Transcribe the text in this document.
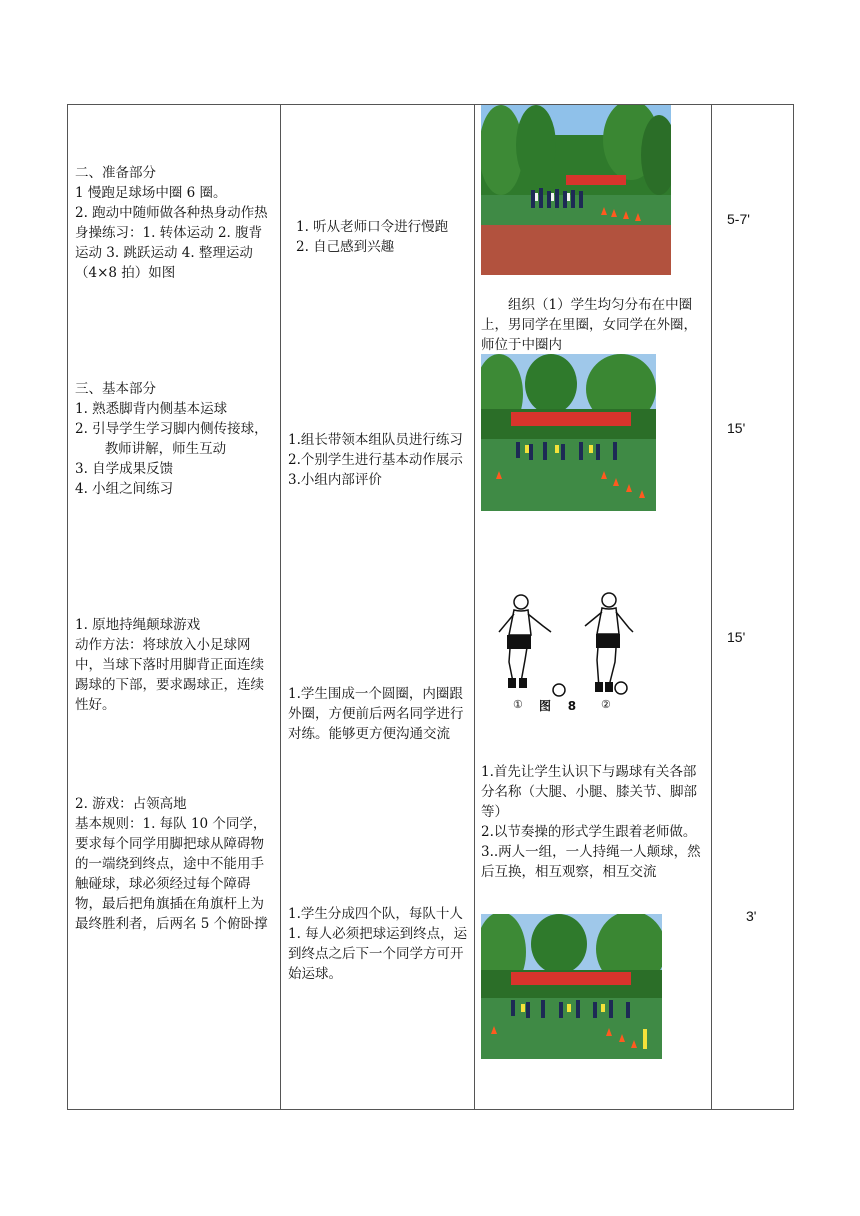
二、准备部分

1 慢跑足球场中圈 6 圈。

2. 跑动中随师做各种热身动作热身操练习：1. 转体运动 2. 腹背运动 3. 跳跃运动 4. 整理运动

（4×8 拍）如图

三、基本部分

1. 熟悉脚背内侧基本运球

2. 引导学生学习脚内侧传接球，教师讲解，师生互动

3. 自学成果反馈

4. 小组之间练习

1. 原地持绳颠球游戏

动作方法：将球放入小足球网中，当球下落时用脚背正面连续踢球的下部，要求踢球正，连续性好。

2. 游戏：占领高地

基本规则：1. 每队 10 个同学，要求每个同学用脚把球从障碍物的一端绕到终点，途中不能用手触碰球，球必须经过每个障碍物，最后把角旗插在角旗杆上为最终胜利者，后两名 5 个俯卧撑

1. 听从老师口令进行慢跑

2. 自己感到兴趣

1.组长带领本组队员进行练习

2.个别学生进行基本动作展示

3.小组内部评价

1.学生围成一个圆圈，内圈跟外圈，方便前后两名同学进行对练。能够更方便沟通交流

1.学生分成四个队，每队十人

1. 每人必须把球运到终点，运到终点之后下一个同学方可开始运球。

组织（1）学生均匀分布在中圈上，男同学在里圈，女同学在外圈，师位于中圈内

① 图    8 ②

1.首先让学生认识下与踢球有关各部分名称（大腿、小腿、膝关节、脚部等）

2.以节奏操的形式学生跟着老师做。

3..两人一组，一人持绳一人颠球，然后互换，相互观察，相互交流

5-7'
15'
15'
3'
